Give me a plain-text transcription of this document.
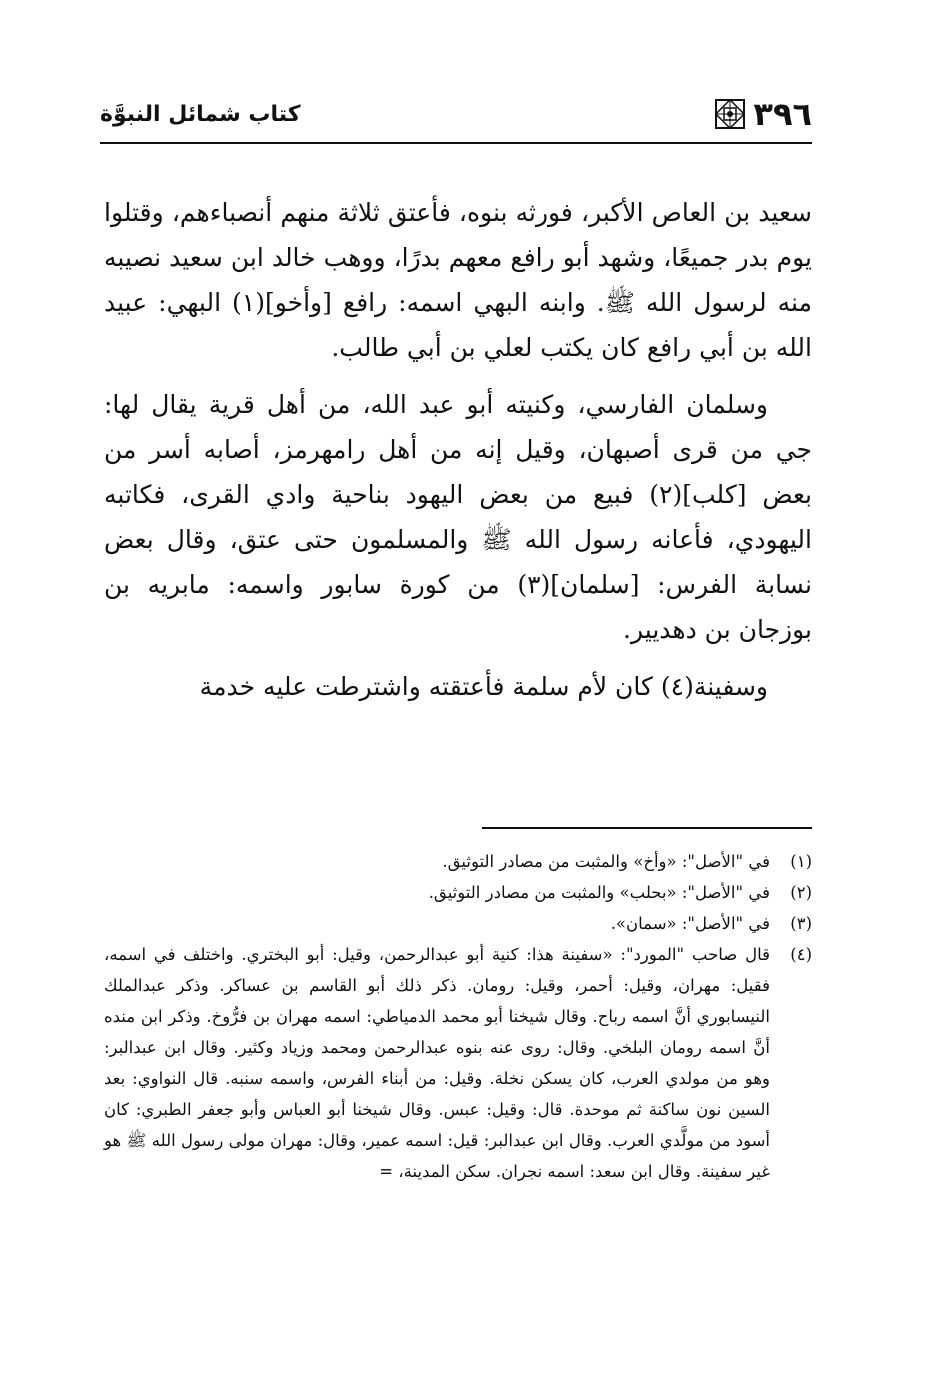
٣٩٦
كتاب شمائل النبوَّة

سعيد بن العاص الأكبر، فورثه بنوه، فأعتق ثلاثة منهم أنصباءهم، وقتلوا يوم بدر جميعًا، وشهد أبو رافع معهم بدرًا، ووهب خالد ابن سعيد نصيبه منه لرسول الله ﷺ. وابنه البهي اسمه: رافع [وأخو](١) البهي: عبيد الله بن أبي رافع كان يكتب لعلي بن أبي طالب.

وسلمان الفارسي، وكنيته أبو عبد الله، من أهل قرية يقال لها: جي من قرى أصبهان، وقيل إنه من أهل رامهرمز، أصابه أسر من بعض [كلب](٢) فبيع من بعض اليهود بناحية وادي القرى، فكاتبه اليهودي، فأعانه رسول الله ﷺ والمسلمون حتى عتق، وقال بعض نسابة الفرس: [سلمان](٣) من كورة سابور واسمه: مابريه بن بوزجان بن دهديير.

وسفينة(٤) كان لأم سلمة فأعتقته واشترطت عليه خدمة

(١)
في "الأصل": «وأخ» والمثبت من مصادر التوثيق.
(٢)
في "الأصل": «بحلب» والمثبت من مصادر التوثيق.
(٣)
في "الأصل": «سمان».
(٤)
قال صاحب "المورد": «سفينة هذا: كنية أبو عبدالرحمن، وقيل: أبو البختري. واختلف في اسمه، فقيل: مهران، وقيل: أحمر، وقيل: رومان. ذكر ذلك أبو القاسم بن عساكر. وذكر عبدالملك النيسابوري أنَّ اسمه رباح. وقال شيخنا أبو محمد الدمياطي: اسمه مهران بن فرُّوخ. وذكر ابن منده أنَّ اسمه رومان البلخي. وقال: روى عنه بنوه عبدالرحمن ومحمد وزياد وكثير. وقال ابن عبدالبر: وهو من مولدي العرب، كان يسكن نخلة. وقيل: من أبناء الفرس، واسمه سنبه. قال النواوي: بعد السين نون ساكنة ثم موحدة. قال: وقيل: عبس. وقال شيخنا أبو العباس وأبو جعفر الطبري: كان أسود من مولَّدي العرب. وقال ابن عبدالبر: قيل: اسمه عمير، وقال: مهران مولى رسول الله ﷺ هو غير سفينة. وقال ابن سعد: اسمه نجران. سكن المدينة، =
